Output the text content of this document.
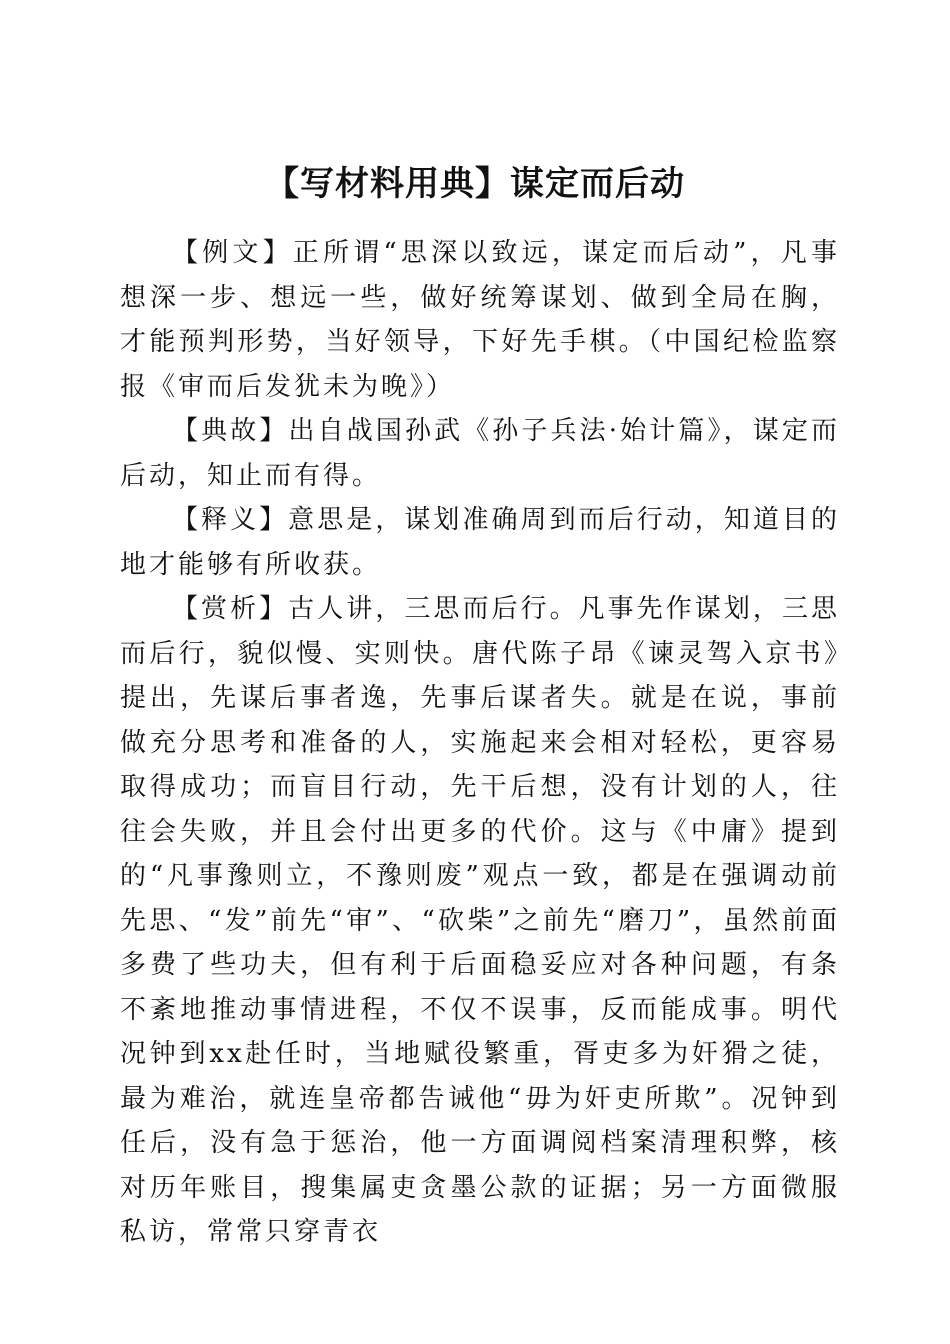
【写材料用典】谋定而后动

【例文】正所谓“思深以致远，谋定而后动”，凡事想深一步、想远一些，做好统筹谋划、做到全局在胸，才能预判形势，当好领导，下好先手棋。（中国纪检监察报《审而后发犹未为晚》）

【典故】出自战国孙武《孙子兵法·始计篇》，谋定而后动，知止而有得。

【释义】意思是，谋划准确周到而后行动，知道目的地才能够有所收获。

【赏析】古人讲，三思而后行。凡事先作谋划，三思而后行，貌似慢、实则快。唐代陈子昂《谏灵驾入京书》提出，先谋后事者逸，先事后谋者失。就是在说，事前做充分思考和准备的人，实施起来会相对轻松，更容易取得成功；而盲目行动，先干后想，没有计划的人，往往会失败，并且会付出更多的代价。这与《中庸》提到的“凡事豫则立，不豫则废”观点一致，都是在强调动前先思、“发”前先“审”、“砍柴”之前先“磨刀”，虽然前面多费了些功夫，但有利于后面稳妥应对各种问题，有条不紊地推动事情进程，不仅不误事，反而能成事。明代况钟到xx赴任时，当地赋役繁重，胥吏多为奸猾之徒，最为难治，就连皇帝都告诫他“毋为奸吏所欺”。况钟到任后，没有急于惩治，他一方面调阅档案清理积弊，核对历年账目，搜集属吏贪墨公款的证据；另一方面微服私访，常常只穿青衣
